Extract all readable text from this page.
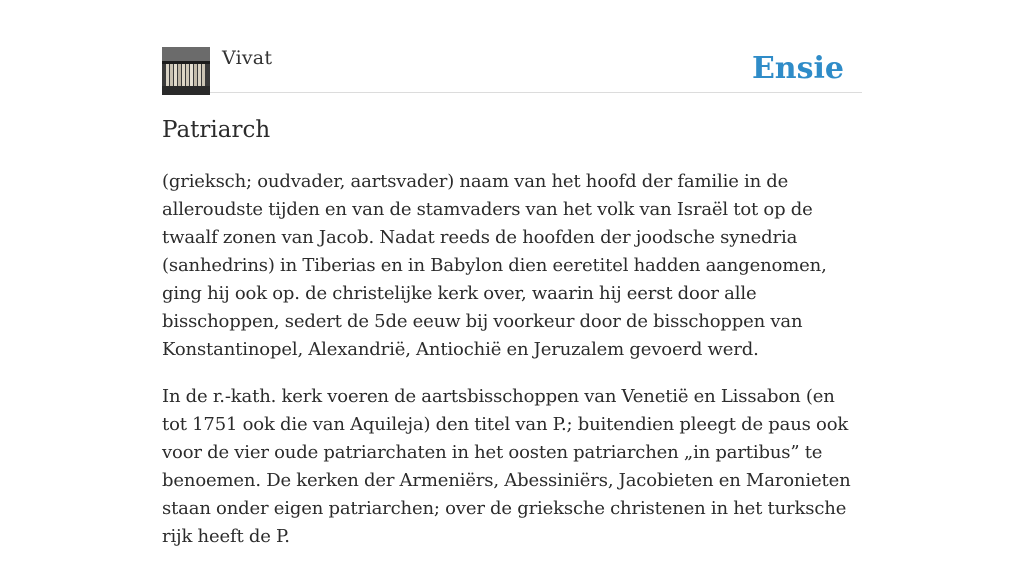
Vivat	Ensie
Patriarch

(grieksch; oudvader, aartsvader) naam van het hoofd der familie in de alleroudste tijden en van de stamvaders van het volk van Israël tot op de twaalf zonen van Jacob. Nadat reeds de hoofden der joodsche synedria (sanhedrins) in Tiberias en in Babylon dien eeretitel hadden aangenomen, ging hij ook op. de christelijke kerk over, waarin hij eerst door alle bisschoppen, sedert de 5de eeuw bij voorkeur door de bisschoppen van Konstantinopel, Alexandrië, Antiochië en Jeruzalem gevoerd werd.

In de r.-kath. kerk voeren de aartsbisschoppen van Venetië en Lissabon (en tot 1751 ook die van Aquileja) den titel van P.; buitendien pleegt de paus ook voor de vier oude patriarchaten in het oosten patriarchen „in partibus” te benoemen. De kerken der Armeniërs, Abessiniërs, Jacobieten en Maronieten staan onder eigen patriarchen; over de grieksche christenen in het turksche rijk heeft de P.
